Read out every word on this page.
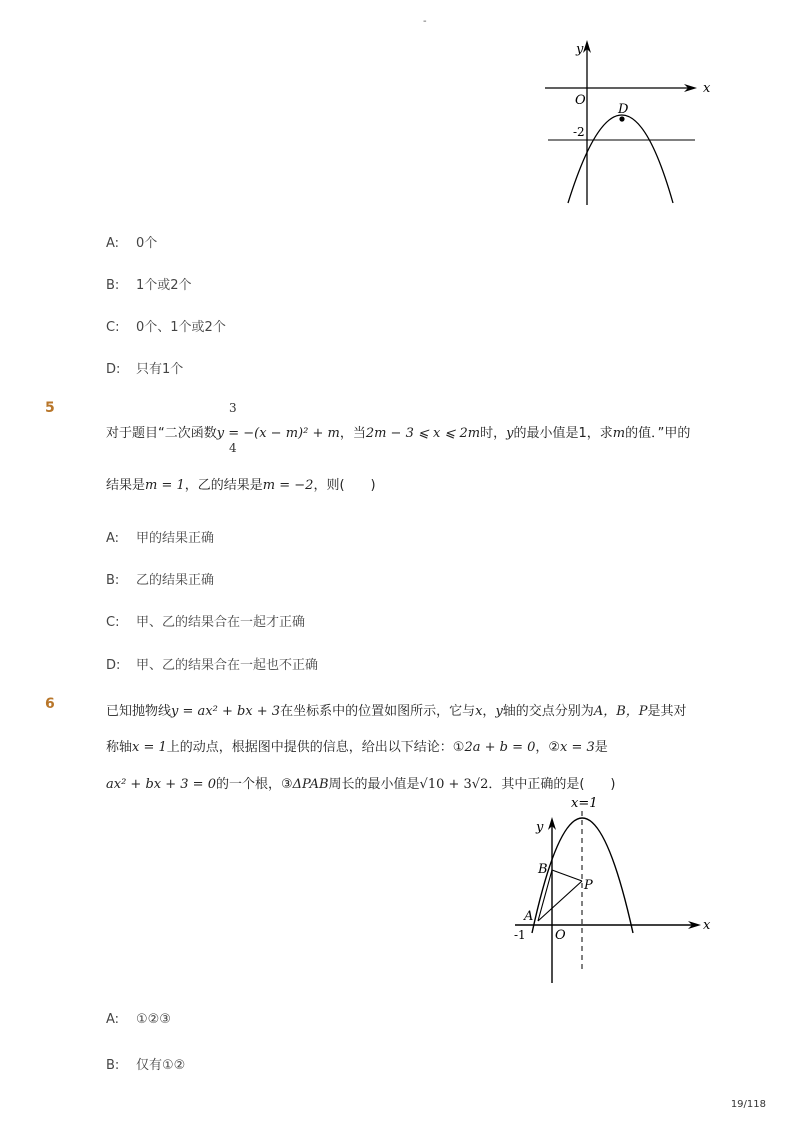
-
y
x
O
D
-2
A: 0个
B: 1个或2个
C: 0个、1个或2个
D: 只有1个
5	3
4
对于题目“二次函数y = −(x − m)² + m，当2m − 3 ⩽ x ⩽ 2m时，y的最小值是1，求m的值．”甲的
结果是m = 1，乙的结果是m = −2，则(　　)
A: 甲的结果正确
B: 乙的结果正确
C: 甲、乙的结果合在一起才正确
D: 甲、乙的结果合在一起也不正确
6	已知抛物线y = ax² + bx + 3在坐标系中的位置如图所示，它与x，y轴的交点分别为A，B，P是其对
称轴x = 1上的动点，根据图中提供的信息，给出以下结论：①2a + b = 0，②x = 3是
ax² + bx + 3 = 0的一个根，③ΔPAB周长的最小值是√10 + 3√2．其中正确的是(　　)
x=1
y
x
B
P
A
-1 O
A: ①②③
B: 仅有①②
19/118
